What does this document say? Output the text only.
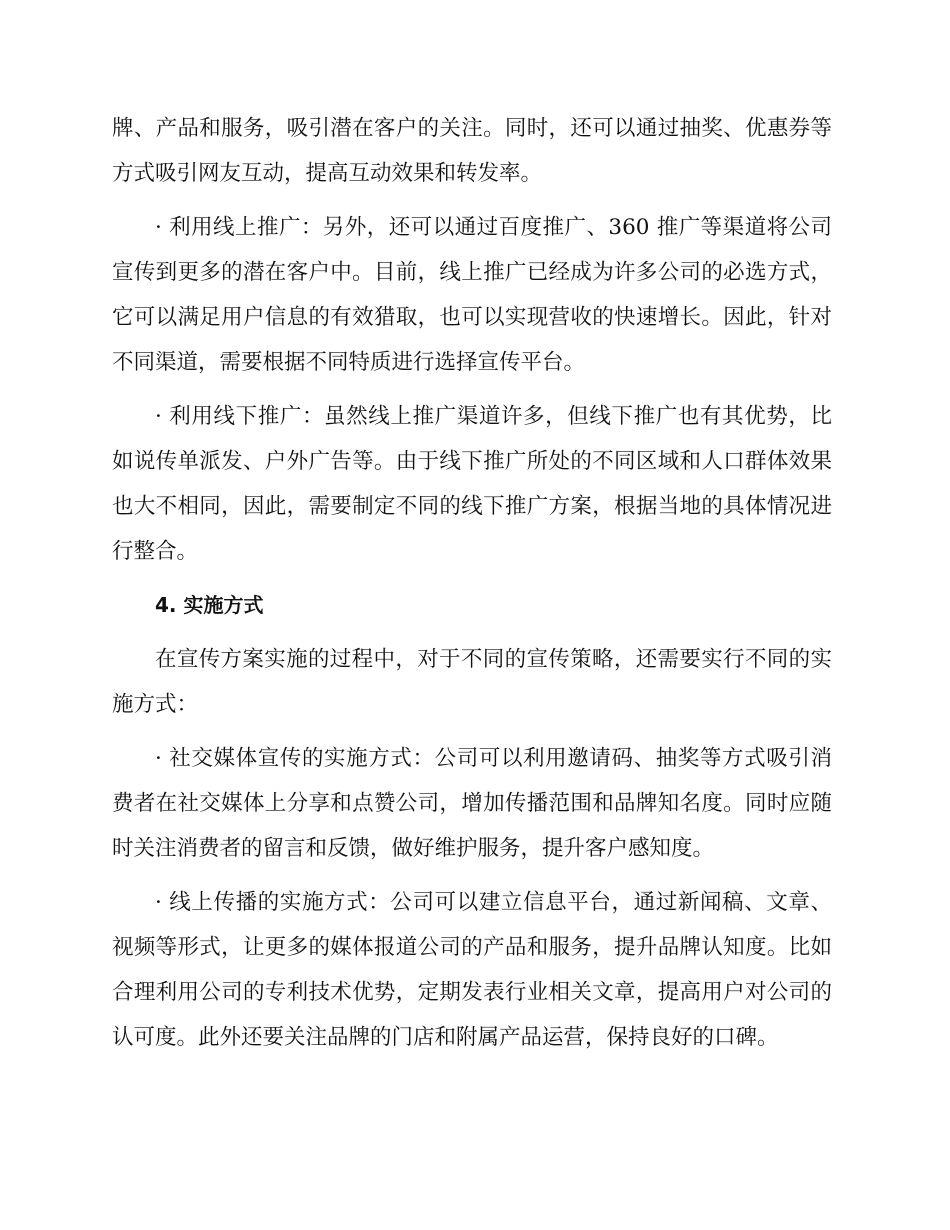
牌、产品和服务，吸引潜在客户的关注。同时，还可以通过抽奖、优惠券等方式吸引网友互动，提高互动效果和转发率。

· 利用线上推广：另外，还可以通过百度推广、360 推广等渠道将公司宣传到更多的潜在客户中。目前，线上推广已经成为许多公司的必选方式，它可以满足用户信息的有效猎取，也可以实现营收的快速增长。因此，针对不同渠道，需要根据不同特质进行选择宣传平台。

· 利用线下推广：虽然线上推广渠道许多，但线下推广也有其优势，比如说传单派发、户外广告等。由于线下推广所处的不同区域和人口群体效果也大不相同，因此，需要制定不同的线下推广方案，根据当地的具体情况进行整合。

4. 实施方式

在宣传方案实施的过程中，对于不同的宣传策略，还需要实行不同的实施方式：

· 社交媒体宣传的实施方式：公司可以利用邀请码、抽奖等方式吸引消费者在社交媒体上分享和点赞公司，增加传播范围和品牌知名度。同时应随时关注消费者的留言和反馈，做好维护服务，提升客户感知度。

· 线上传播的实施方式：公司可以建立信息平台，通过新闻稿、文章、视频等形式，让更多的媒体报道公司的产品和服务，提升品牌认知度。比如合理利用公司的专利技术优势，定期发表行业相关文章，提高用户对公司的认可度。此外还要关注品牌的门店和附属产品运营，保持良好的口碑。
